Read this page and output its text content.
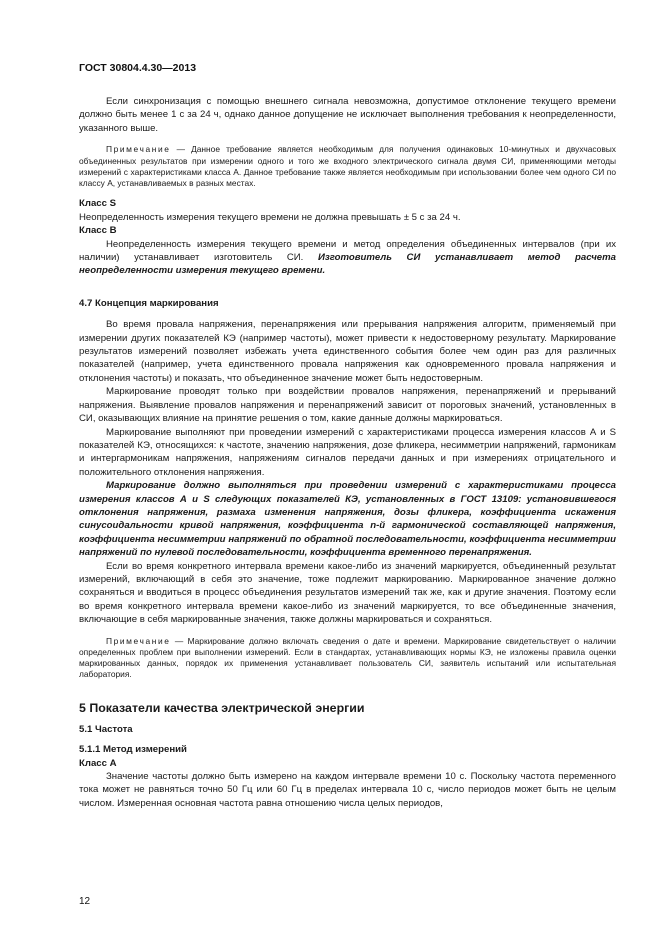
ГОСТ 30804.4.30—2013

Если синхронизация с помощью внешнего сигнала невозможна, допустимое отклонение текущего времени должно быть менее 1 с за 24 ч, однако данное допущение не исключает выполнения требования к неопределенности, указанного выше.

Примечание — Данное требование является необходимым для получения одинаковых 10-минутных и двухчасовых объединенных результатов при измерении одного и того же входного электрического сигнала двумя СИ, применяющими методы измерений с характеристиками класса А. Данное требование также является необходимым при использовании более чем одного СИ по классу А, устанавливаемых в разных местах.

Класс S

Неопределенность измерения текущего времени не должна превышать ± 5 с за 24 ч.

Класс В

Неопределенность измерения текущего времени и метод определения объединенных интервалов (при их наличии) устанавливает изготовитель СИ. Изготовитель СИ устанавливает метод расчета неопределенности измерения текущего времени.

4.7 Концепция маркирования

Во время провала напряжения, перенапряжения или прерывания напряжения алгоритм, применяемый при измерении других показателей КЭ (например частоты), может привести к недостоверному результату. Маркирование результатов измерений позволяет избежать учета единственного события более чем один раз для различных показателей (например, учета единственного провала напряжения как одновременного провала напряжения и отклонения частоты) и показать, что объединенное значение может быть недостоверным.

Маркирование проводят только при воздействии провалов напряжения, перенапряжений и прерываний напряжения. Выявление провалов напряжения и перенапряжений зависит от пороговых значений, установленных в СИ, оказывающих влияние на принятие решения о том, какие данные должны маркироваться.

Маркирование выполняют при проведении измерений с характеристиками процесса измерения классов А и S показателей КЭ, относящихся: к частоте, значению напряжения, дозе фликера, несимметрии напряжений, гармоникам и интергармоникам напряжения, напряжениям сигналов передачи данных и при измерениях отрицательного и положительного отклонения напряжения.

Маркирование должно выполняться при проведении измерений с характеристиками процесса измерения классов А и S следующих показателей КЭ, установленных в ГОСТ 13109: установившегося отклонения напряжения, размаха изменения напряжения, дозы фликера, коэффициента искажения синусоидальности кривой напряжения, коэффициента n-й гармонической составляющей напряжения, коэффициента несимметрии напряжений по обратной последовательности, коэффициента несимметрии напряжений по нулевой последовательности, коэффициента временного перенапряжения.

Если во время конкретного интервала времени какое-либо из значений маркируется, объединенный результат измерений, включающий в себя это значение, тоже подлежит маркированию. Маркированное значение должно сохраняться и вводиться в процесс объединения результатов измерений так же, как и другие значения. Поэтому если во время конкретного интервала времени какое-либо из значений маркируется, то все объединенные значения, включающие в себя маркированные значения, также должны маркироваться и сохраняться.

Примечание — Маркирование должно включать сведения о дате и времени. Маркирование свидетельствует о наличии определенных проблем при выполнении измерений. Если в стандартах, устанавливающих нормы КЭ, не изложены правила оценки маркированных данных, порядок их применения устанавливает пользователь СИ, заявитель испытаний или испытательная лаборатория.

5 Показатели качества электрической энергии

5.1 Частота

5.1.1 Метод измерений

Класс А

Значение частоты должно быть измерено на каждом интервале времени 10 с. Поскольку частота переменного тока может не равняться точно 50 Гц или 60 Гц в пределах интервала 10 с, число периодов может быть не целым числом. Измеренная основная частота равна отношению числа целых периодов,

12
